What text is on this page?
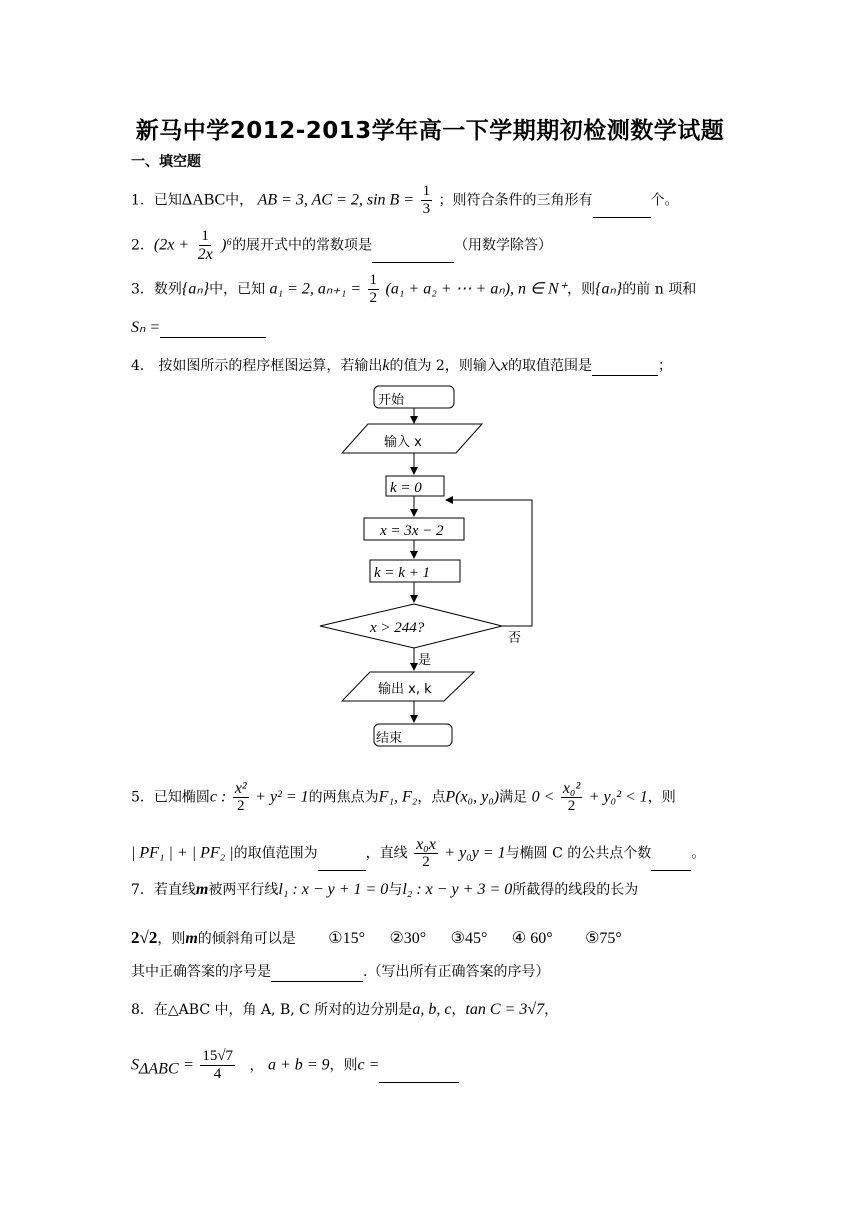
新马中学2012-2013学年高一下学期期初检测数学试题
一、填空题
1．已知ΔABC中， AB = 3, AC = 2, $\sin B = \frac{1}{3}$ ；则符合条件的三角形有	个。
2．$(2x + \frac{1}{2x} )^6$的展开式中的常数项是	（用数学除答）
3．数列{aₙ}中，已知 a₁ = 2, $a_{n+1} = \frac{1}{2} (a_1 + a_2$ + ⋯ + aₙ), n ∈ N⁺，则{aₙ}的前 n 项和
Sₙ =
4． 按如图所示的程序框图运算，若输出k的值为 2，则输入x的取值范围是	；
开始
输入 x
k = 0
x = 3x − 2
k = k + 1
x > 244?
否
是
输出 x, k
结束
5．已知椭圆c : $\frac{\text{x²}}{2} + y^2 = 1$的两焦点为F₁, F₂，点P(x₀, y₀)满足 $0 < \frac{\text{x₀²}}{2} + y_0^2 < 1$，则
| PF₁ | + | PF₂ |的取值范围为	，直线 $\frac{\text{x₀x}}{2} + y_0y = 1$与椭圆 C 的公共点个数	。
7．若直线m被两平行线l₁ : x − y + 1 = 0与l₂ : x − y + 3 = 0所截得的线段的长为
2√2，则m的倾斜角可以是 ①15° ②30° ③45° ④ 60° ⑤75°
其中正确答案的序号是	.（写出所有正确答案的序号）
8．在△ABC 中，角 A, B, C 所对的边分别是a, b, c，tan C = 3√7，
$S_{\Delta ABC} = \frac{15√7}{4}$ ， a + b = 9，则c =
